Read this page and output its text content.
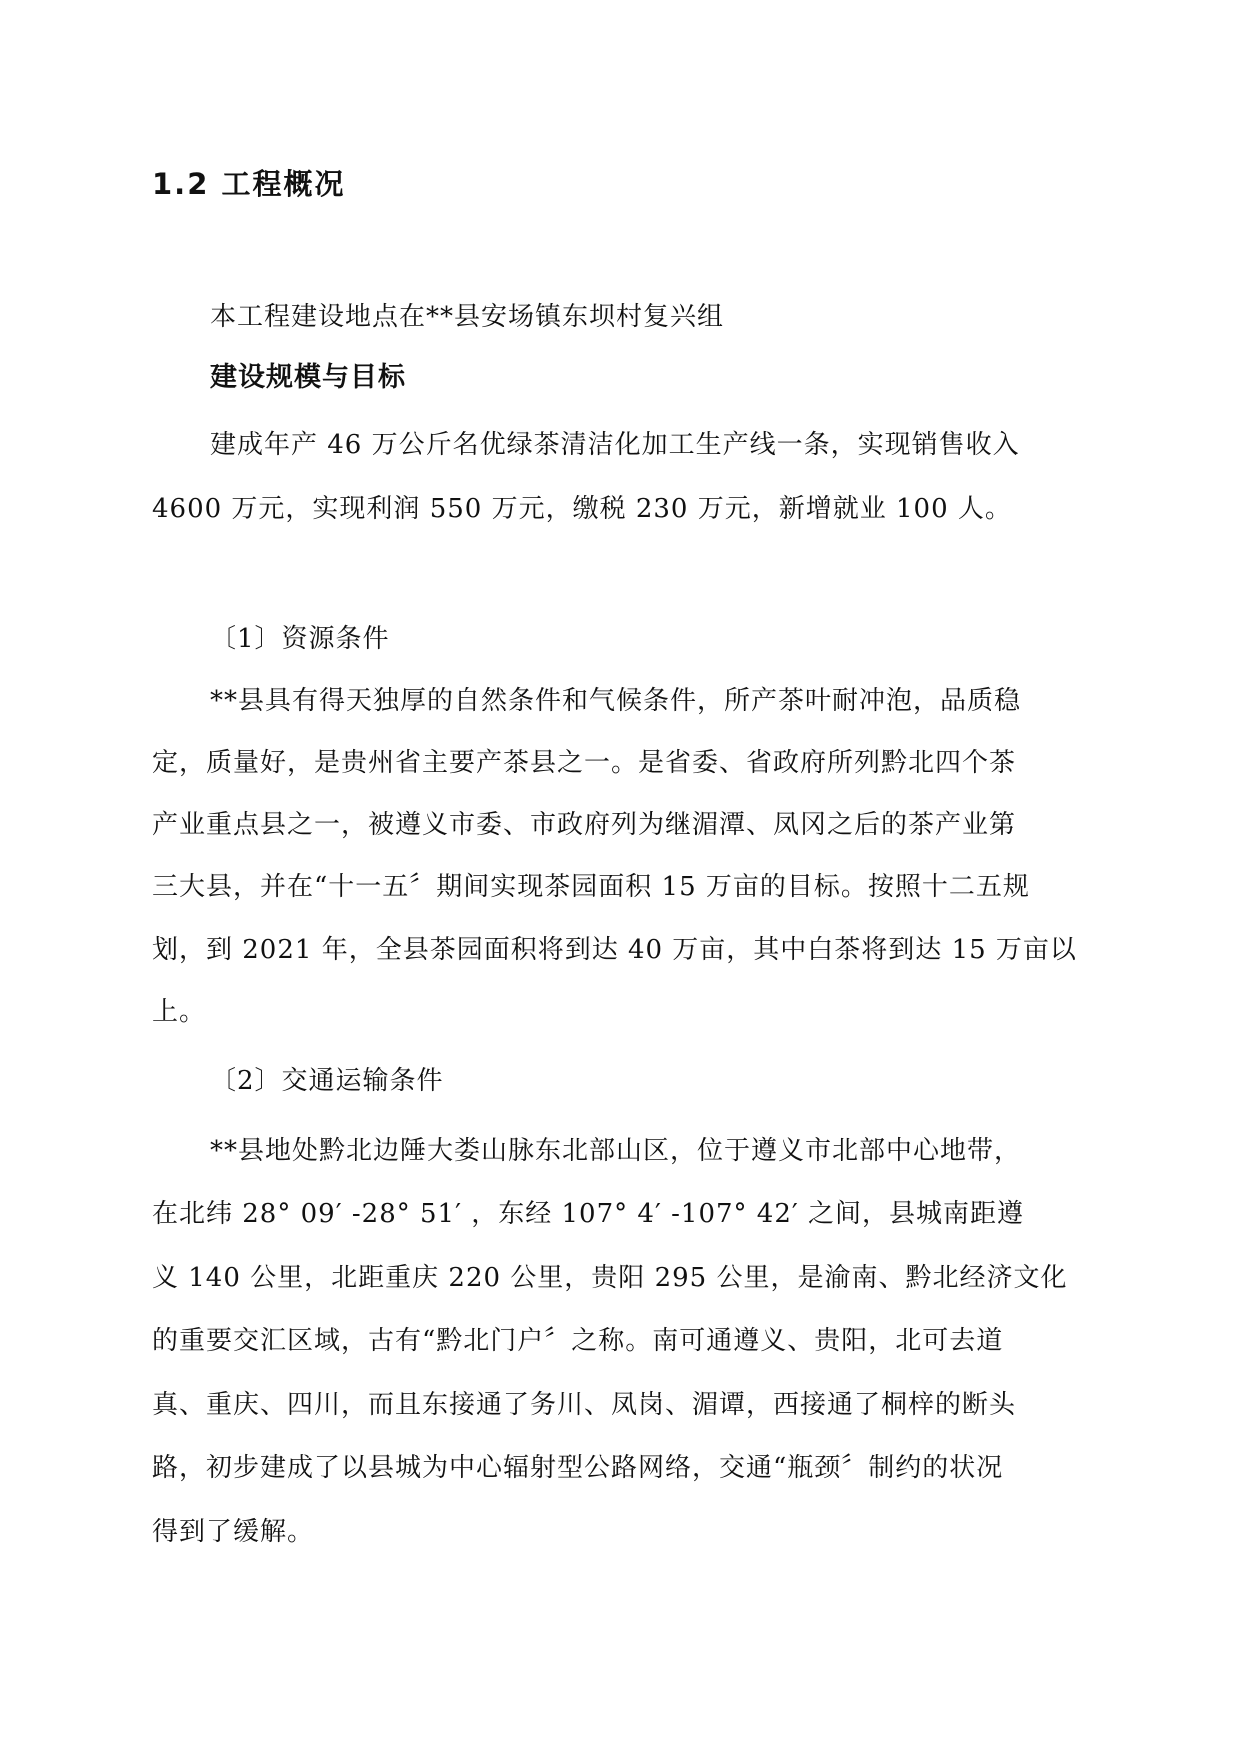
1.2 工程概况
本工程建设地点在**县安场镇东坝村复兴组
建设规模与目标
建成年产 46 万公斤名优绿茶清洁化加工生产线一条，实现销售收入
4600 万元，实现利润 550 万元，缴税 230 万元，新增就业 100 人。
〔1〕资源条件
**县具有得天独厚的自然条件和气候条件，所产茶叶耐冲泡，品质稳
定，质量好，是贵州省主要产茶县之一。是省委、省政府所列黔北四个茶
产业重点县之一，被遵义市委、市政府列为继湄潭、凤冈之后的茶产业第
三大县，并在“十一五〞期间实现茶园面积 15 万亩的目标。按照十二五规
划，到 2021 年，全县茶园面积将到达 40 万亩，其中白茶将到达 15 万亩以
上。
〔2〕交通运输条件
**县地处黔北边陲大娄山脉东北部山区，位于遵义市北部中心地带，
在北纬 28° 09′ -28° 51′ ，东经 107° 4′ -107° 42′ 之间，县城南距遵
义 140 公里，北距重庆 220 公里，贵阳 295 公里，是渝南、黔北经济文化
的重要交汇区域，古有“黔北门户〞之称。南可通遵义、贵阳，北可去道
真、重庆、四川，而且东接通了务川、凤岗、湄谭，西接通了桐梓的断头
路，初步建成了以县城为中心辐射型公路网络，交通“瓶颈〞制约的状况
得到了缓解。
